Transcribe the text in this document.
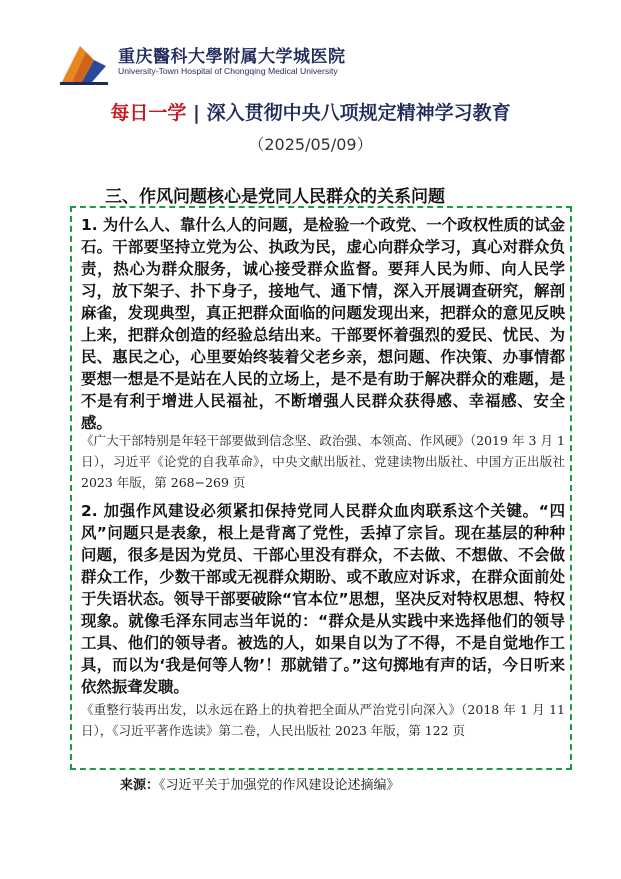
重庆醫科大學附属大学城医院
University-Town Hospital of Chongqing Medical University
每日一学 | 深入贯彻中央八项规定精神学习教育
（2025/05/09）
三、作风问题核心是党同人民群众的关系问题

1. 为什么人、靠什么人的问题，是检验一个政党、一个政权性质的试金石。干部要坚持立党为公、执政为民，虚心向群众学习，真心对群众负责，热心为群众服务，诚心接受群众监督。要拜人民为师、向人民学习，放下架子、扑下身子，接地气、通下情，深入开展调查研究，解剖麻雀，发现典型，真正把群众面临的问题发现出来，把群众的意见反映上来，把群众创造的经验总结出来。干部要怀着强烈的爱民、忧民、为民、惠民之心，心里要始终装着父老乡亲，想问题、作决策、办事情都要想一想是不是站在人民的立场上，是不是有助于解决群众的难题，是不是有利于增进人民福祉，不断增强人民群众获得感、幸福感、安全感。

《广大干部特别是年轻干部要做到信念坚、政治强、本领高、作风硬》（2019 年 3 月 1 日），习近平《论党的自我革命》，中央文献出版社、党建读物出版社、中国方正出版社 2023 年版，第 268−269 页

2. 加强作风建设必须紧扣保持党同人民群众血肉联系这个关键。“四风”问题只是表象，根上是背离了党性，丢掉了宗旨。现在基层的种种问题，很多是因为党员、干部心里没有群众，不去做、不想做、不会做群众工作，少数干部或无视群众期盼、或不敢应对诉求，在群众面前处于失语状态。领导干部要破除“官本位”思想，坚决反对特权思想、特权现象。就像毛泽东同志当年说的：“群众是从实践中来选择他们的领导工具、他们的领导者。被选的人，如果自以为了不得，不是自觉地作工具，而以为‘我是何等人物’！那就错了。”这句掷地有声的话，今日听来依然振聋发聩。

《重整行装再出发，以永远在路上的执着把全面从严治党引向深入》（2018 年 1 月 11 日），《习近平著作选读》第二卷，人民出版社 2023 年版，第 122 页

来源：《习近平关于加强党的作风建设论述摘编》
